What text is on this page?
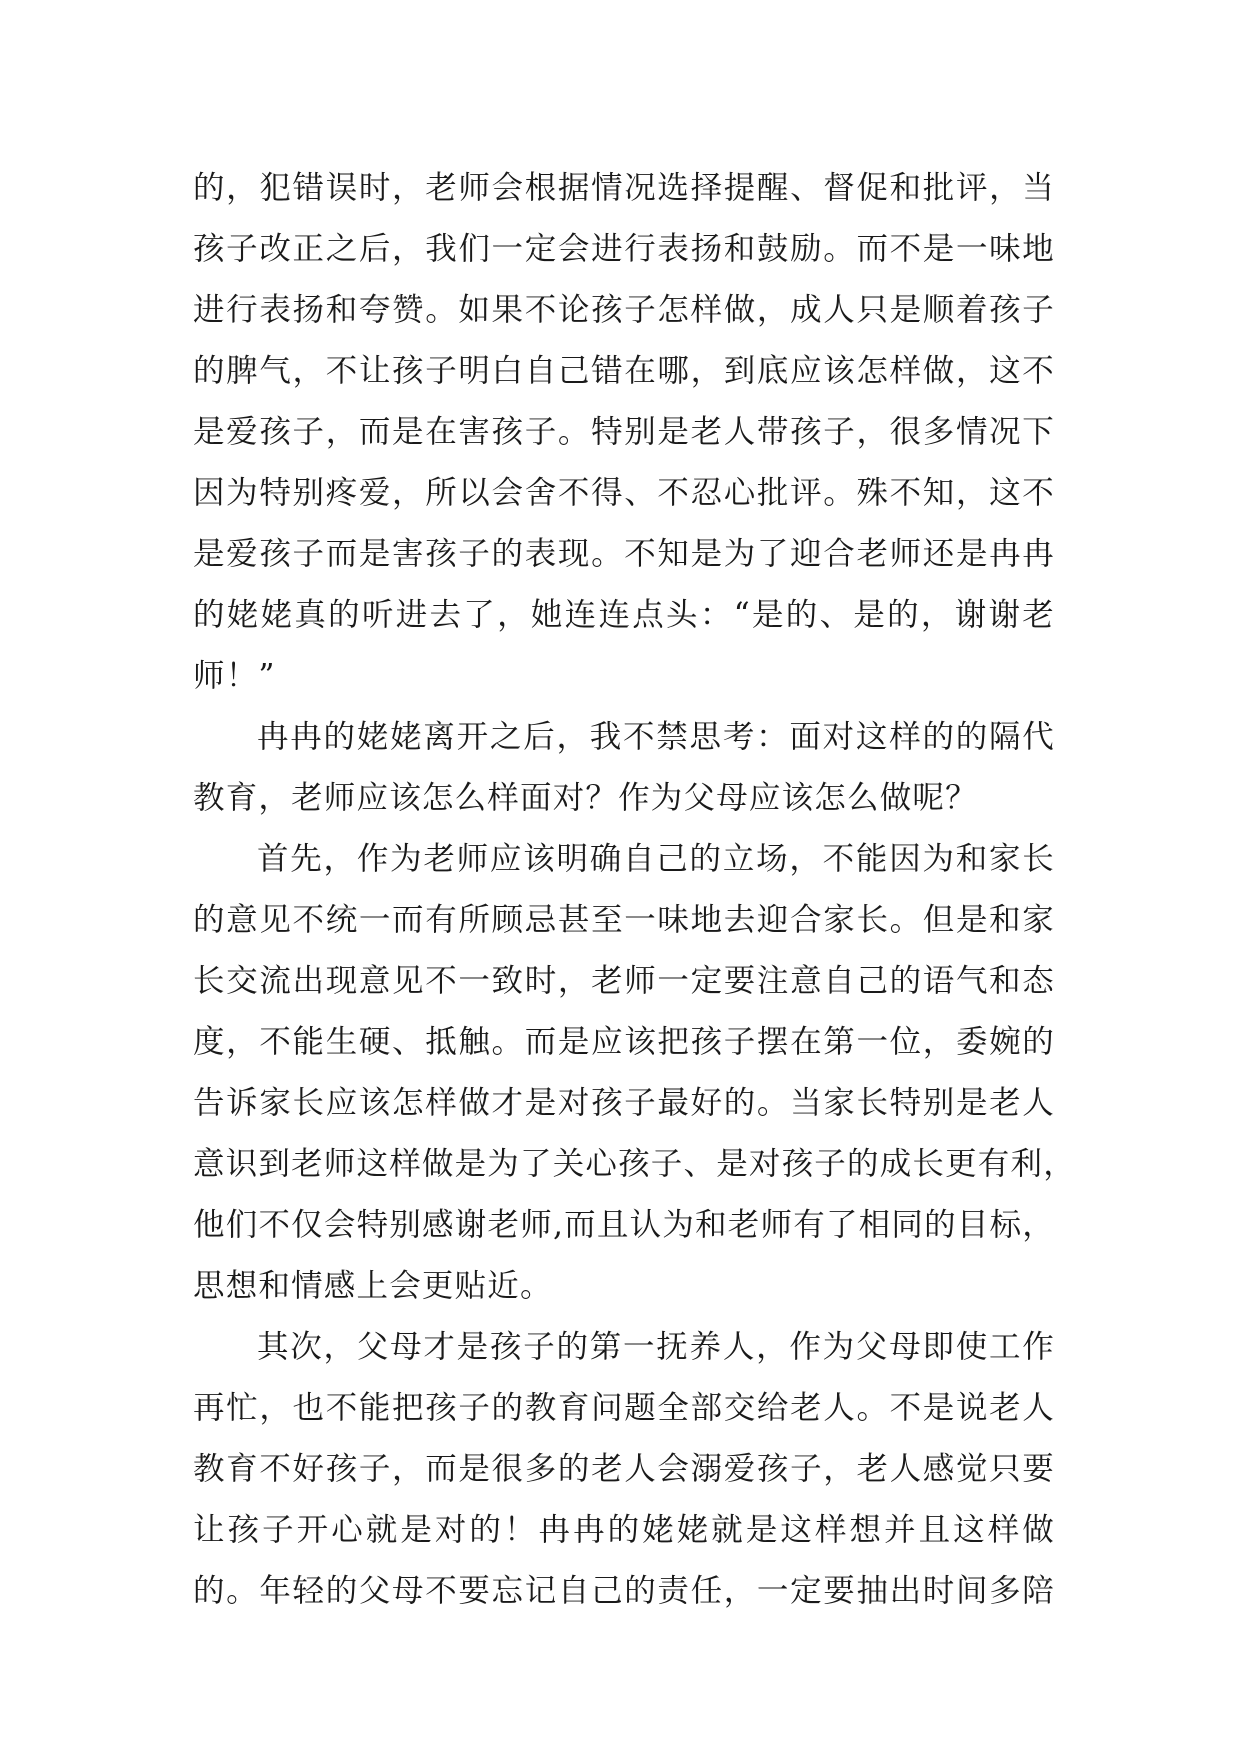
的，犯错误时，老师会根据情况选择提醒、督促和批评，当
孩子改正之后，我们一定会进行表扬和鼓励。而不是一味地
进行表扬和夸赞。如果不论孩子怎样做，成人只是顺着孩子
的脾气，不让孩子明白自己错在哪，到底应该怎样做，这不
是爱孩子，而是在害孩子。特别是老人带孩子，很多情况下
因为特别疼爱，所以会舍不得、不忍心批评。殊不知，这不
是爱孩子而是害孩子的表现。不知是为了迎合老师还是冉冉
的姥姥真的听进去了，她连连点头：“是的、是的，谢谢老
师！”
冉冉的姥姥离开之后，我不禁思考：面对这样的的隔代
教育，老师应该怎么样面对？作为父母应该怎么做呢？
首先，作为老师应该明确自己的立场，不能因为和家长
的意见不统一而有所顾忌甚至一味地去迎合家长。但是和家
长交流出现意见不一致时，老师一定要注意自己的语气和态
度，不能生硬、抵触。而是应该把孩子摆在第一位，委婉的
告诉家长应该怎样做才是对孩子最好的。当家长特别是老人
意识到老师这样做是为了关心孩子、是对孩子的成长更有利，
他们不仅会特别感谢老师,而且认为和老师有了相同的目标，
思想和情感上会更贴近。
其次，父母才是孩子的第一抚养人，作为父母即使工作
再忙，也不能把孩子的教育问题全部交给老人。不是说老人
教育不好孩子，而是很多的老人会溺爱孩子，老人感觉只要
让孩子开心就是对的！冉冉的姥姥就是这样想并且这样做
的。年轻的父母不要忘记自己的责任，一定要抽出时间多陪
